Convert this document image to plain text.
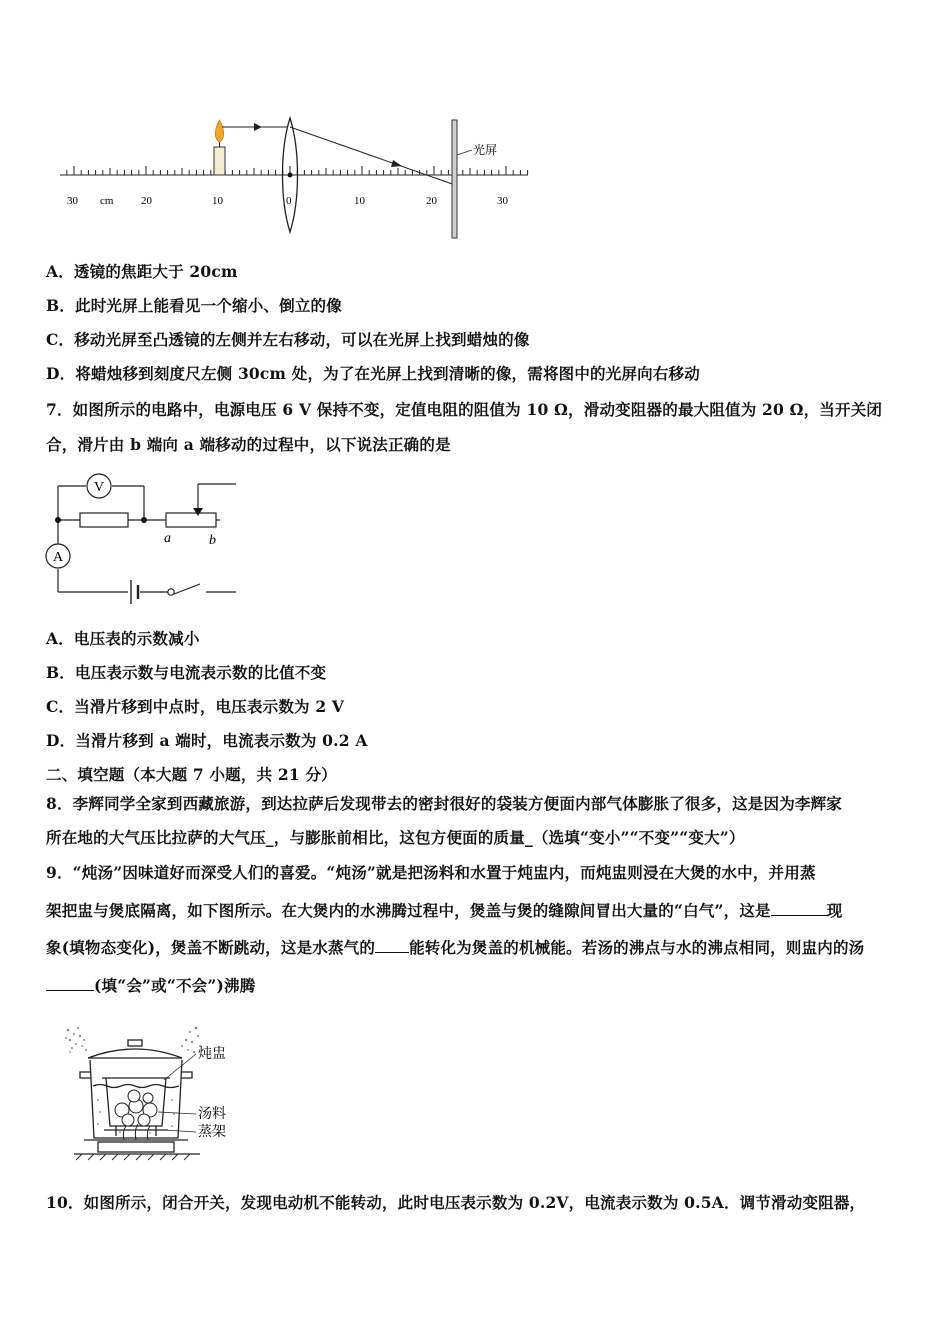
30 cm	20	10	0	10	20	30
光屏
A．透镜的焦距大于 20cm
B．此时光屏上能看见一个缩小、倒立的像
C．移动光屏至凸透镜的左侧并左右移动，可以在光屏上找到蜡烛的像
D．将蜡烛移到刻度尺左侧 30cm 处，为了在光屏上找到清晰的像，需将图中的光屏向右移动
7．如图所示的电路中，电源电压 6 V 保持不变，定值电阻的阻值为 10 Ω，滑动变阻器的最大阻值为 20 Ω，当开关闭
合，滑片由 b 端向 a 端移动的过程中，以下说法正确的是
V
A
a	b
A．电压表的示数减小
B．电压表示数与电流表示数的比值不变
C．当滑片移到中点时，电压表示数为 2 V
D．当滑片移到 a 端时，电流表示数为 0.2 A
二、填空题（本大题 7 小题，共 21 分）
8．李辉同学全家到西藏旅游，到达拉萨后发现带去的密封很好的袋装方便面内部气体膨胀了很多，这是因为李辉家
所在地的大气压比拉萨的大气压_，与膨胀前相比，这包方便面的质量_（选填“变小”“不变”“变大”）
9．“炖汤”因味道好而深受人们的喜爱。“炖汤”就是把汤料和水置于炖盅内，而炖盅则浸在大煲的水中，并用蒸
架把盅与煲底隔离，如下图所示。在大煲内的水沸腾过程中，煲盖与煲的缝隙间冒出大量的“白气”，这是	现
象(填物态变化)，煲盖不断跳动，这是水蒸气的 能转化为煲盖的机械能。若汤的沸点与水的沸点相同，则盅内的汤
(填“会”或“不会”)沸腾
炖盅
汤料
蒸架
10．如图所示，闭合开关，发现电动机不能转动，此时电压表示数为 0.2V，电流表示数为 0.5A．调节滑动变阻器，
